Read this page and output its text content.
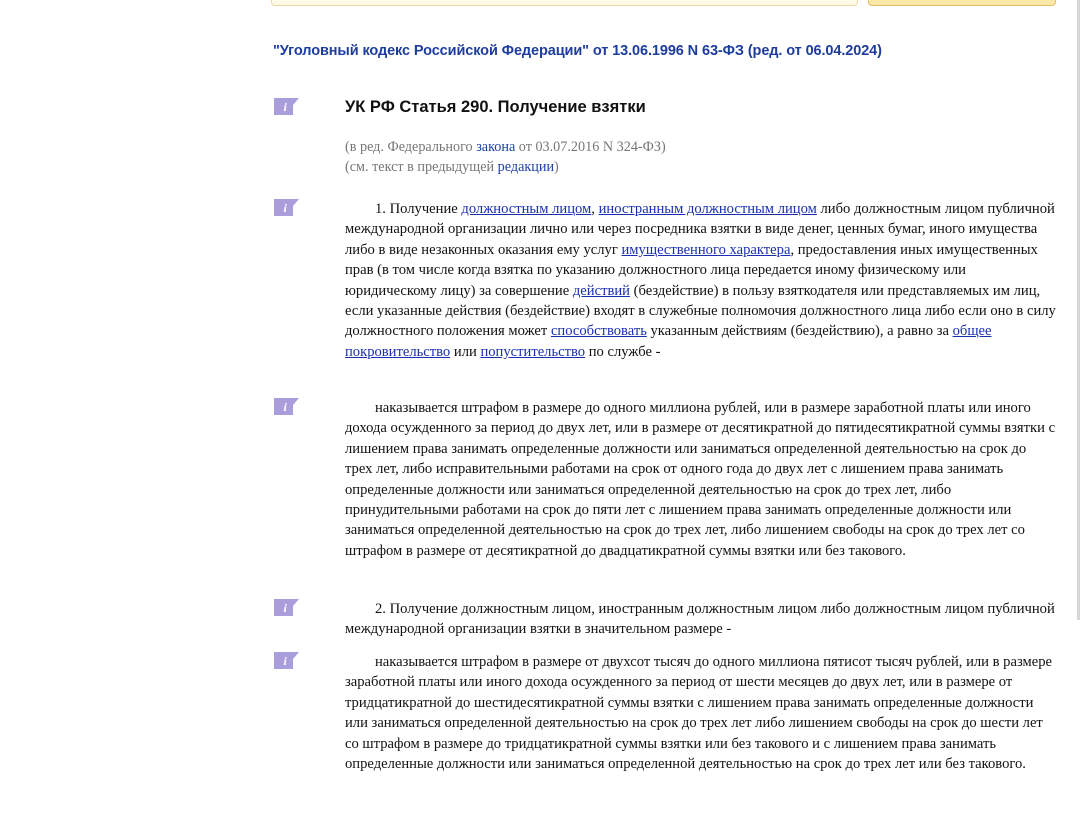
"Уголовный кодекс Российской Федерации" от 13.06.1996 N 63-ФЗ (ред. от 06.04.2024)
i
i
i
i
i
УК РФ Статья 290. Получение взятки
(в ред. Федерального закона от 03.07.2016 N 324-ФЗ)
(см. текст в предыдущей редакции)

1. Получение должностным лицом, иностранным должностным лицом либо должностным лицом публичной международной организации лично или через посредника взятки в виде денег, ценных бумаг, иного имущества либо в виде незаконных оказания ему услуг имущественного характера, предоставления иных имущественных прав (в том числе когда взятка по указанию должностного лица передается иному физическому или юридическому лицу) за совершение действий (бездействие) в пользу взяткодателя или представляемых им лиц, если указанные действия (бездействие) входят в служебные полномочия должностного лица либо если оно в силу должностного положения может способствовать указанным действиям (бездействию), а равно за общее покровительство или попустительство по службе -

наказывается штрафом в размере до одного миллиона рублей, или в размере заработной платы или иного дохода осужденного за период до двух лет, или в размере от десятикратной до пятидесятикратной суммы взятки с лишением права занимать определенные должности или заниматься определенной деятельностью на срок до трех лет, либо исправительными работами на срок от одного года до двух лет с лишением права занимать определенные должности или заниматься определенной деятельностью на срок до трех лет, либо принудительными работами на срок до пяти лет с лишением права занимать определенные должности или заниматься определенной деятельностью на срок до трех лет, либо лишением свободы на срок до трех лет со штрафом в размере от десятикратной до двадцатикратной суммы взятки или без такового.

2. Получение должностным лицом, иностранным должностным лицом либо должностным лицом публичной международной организации взятки в значительном размере -

наказывается штрафом в размере от двухсот тысяч до одного миллиона пятисот тысяч рублей, или в размере заработной платы или иного дохода осужденного за период от шести месяцев до двух лет, или в размере от тридцатикратной до шестидесятикратной суммы взятки с лишением права занимать определенные должности или заниматься определенной деятельностью на срок до трех лет либо лишением свободы на срок до шести лет со штрафом в размере до тридцатикратной суммы взятки или без такового и с лишением права занимать определенные должности или заниматься определенной деятельностью на срок до трех лет или без такового.
